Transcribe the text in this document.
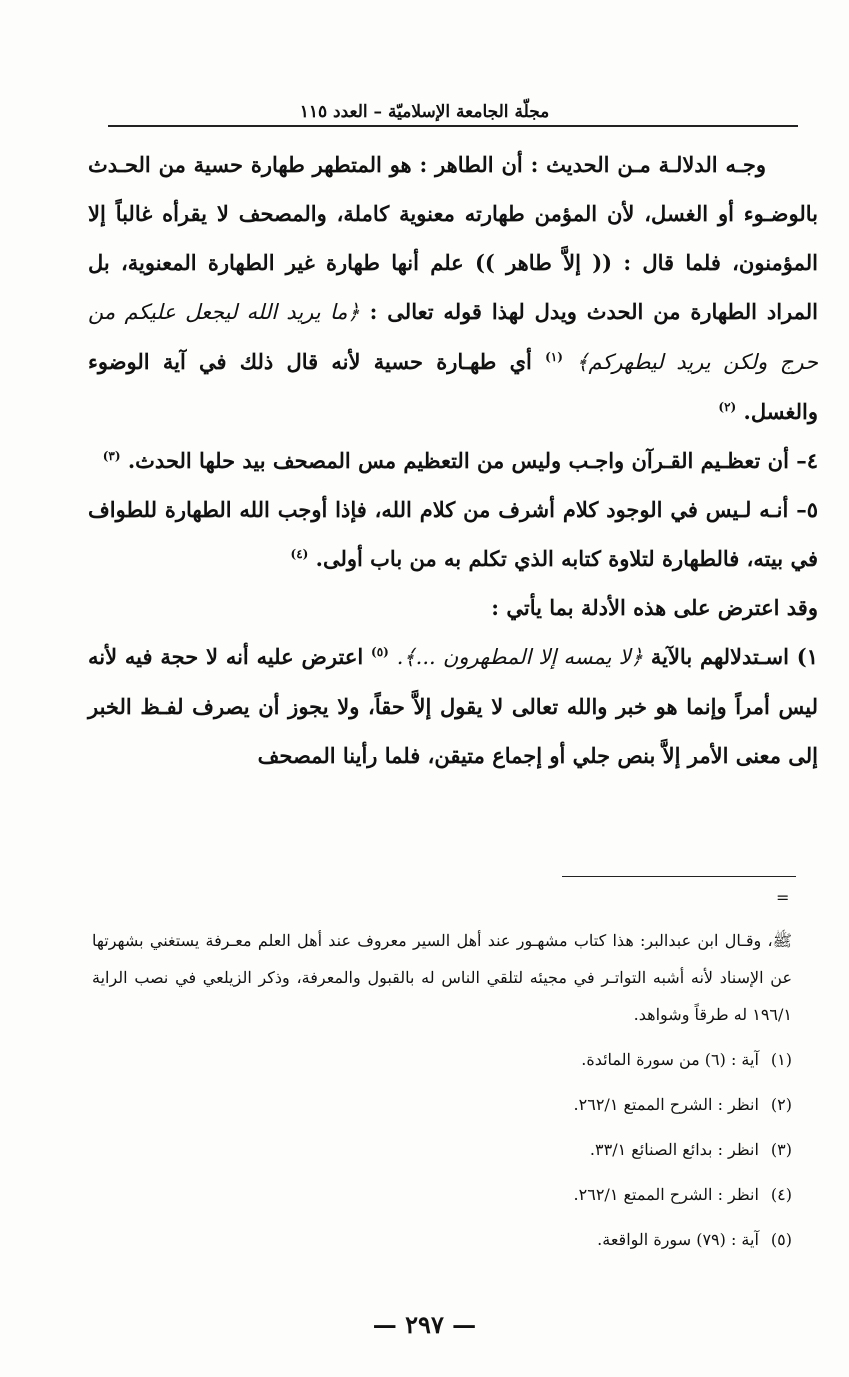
مجلّة الجامعة الإسلاميّة – العدد ١١٥

وجـه الدلالـة مـن الحديث : أن الطاهر : هو المتطهر طهارة حسية من الحـدث بالوضـوء أو الغسل، لأن المؤمن طهارته معنوية كاملة، والمصحف لا يقرأه غالباً إلا المؤمنون، فلما قال : (( إلاَّ طاهر )) علم أنها طهارة غير الطهارة المعنوية، بل المراد الطهارة من الحدث ويدل لهذا قوله تعالى : ﴿ما يريد الله ليجعل عليكم من حرج ولكن يريد ليطهركم﴾ $^{(١)}$ أي طهـارة حسية لأنه قال ذلك في آية الوضوء والغسل. $^{(٢)}$

٤– أن تعظـيم القـرآن واجـب وليس من التعظيم مس المصحف بيد حلها الحدث. $^{(٣)}$

٥– أنـه لـيس في الوجود كلام أشرف من كلام الله، فإذا أوجب الله الطهارة للطواف في بيته، فالطهارة لتلاوة كتابه الذي تكلم به من باب أولى. $^{(٤)}$

وقد اعترض على هذه الأدلة بما يأتي :

١) اسـتدلالهم بالآية ﴿لا يمسه إلا المطهرون ...﴾. $^{(٥)}$ اعترض عليه أنه لا حجة فيه لأنه ليس أمراً وإنما هو خبر والله تعالى لا يقول إلاَّ حقاً، ولا يجوز أن يصرف لفـظ الخبر إلى معنى الأمر إلاَّ بنص جلي أو إجماع متيقن، فلما رأينا المصحف

=

ﷺ، وقـال ابن عبدالبر: هذا كتاب مشهـور عند أهل السير معروف عند أهل العلم معـرفة يستغني بشهرتها عن الإسناد لأنه أشبه التواتـر في مجيئه لتلقي الناس له بالقبول والمعرفة، وذكر الزيلعي في نصب الراية ١٩٦/١ له طرقاً وشواهد.

(١)آية : (٦) من سورة المائدة.
(٢)انظر : الشرح الممتع ٢٦٢/١.
(٣)انظر : بدائع الصنائع ٣٣/١.
(٤)انظر : الشرح الممتع ٢٦٢/١.
(٥)آية : (٧٩) سورة الواقعة.
— ٢٩٧ —
